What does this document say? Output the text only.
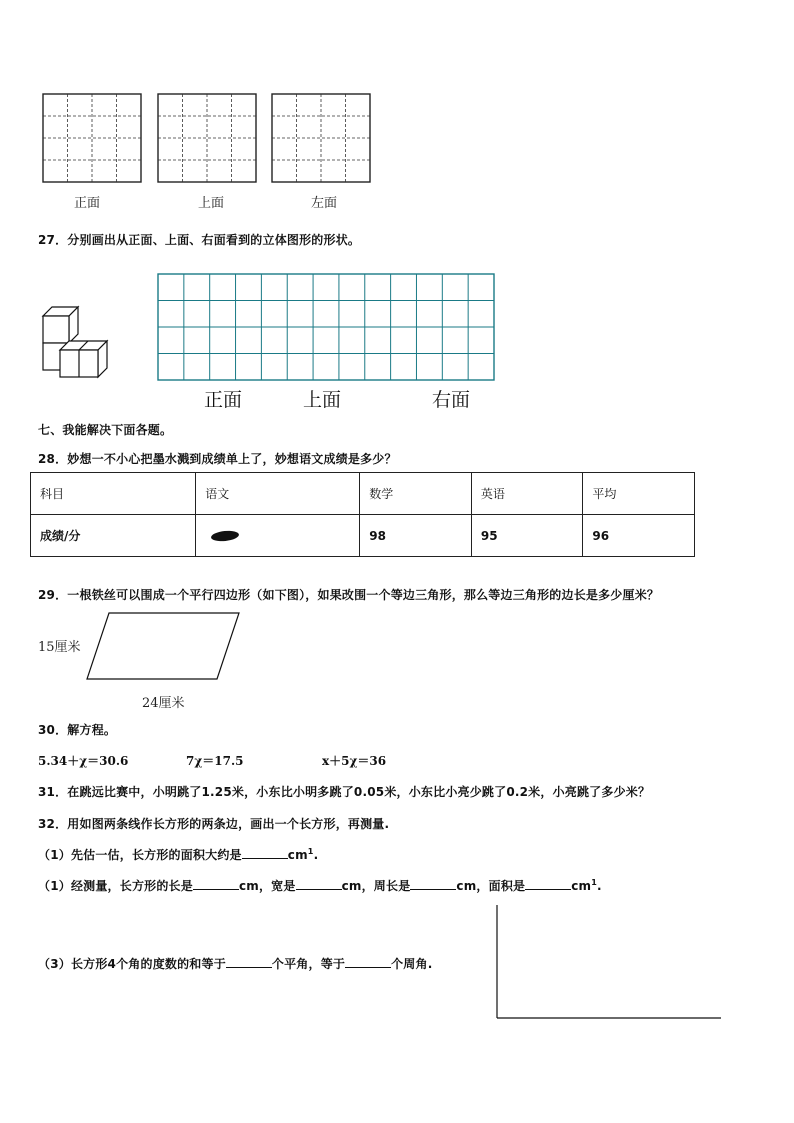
正面	上面	左面
27．分别画出从正面、上面、右面看到的立体图形的形状。
正面	上面	右面
七、我能解决下面各题。
28．妙想一不小心把墨水溅到成绩单上了，妙想语文成绩是多少？
科目	语文	数学	英语	平均
成绩/分		98	95	96
29．一根铁丝可以围成一个平行四边形（如下图），如果改围一个等边三角形，那么等边三角形的边长是多少厘米？
15厘米
24厘米
30．解方程。
5.34＋χ＝30.6	7χ＝17.5	x＋5χ＝36
31．在跳远比赛中，小明跳了1.25米，小东比小明多跳了0.05米，小东比小亮少跳了0.2米，小亮跳了多少米？
32．用如图两条线作长方形的两条边，画出一个长方形，再测量.
（1）先估一估，长方形的面积大约是	$cm^1$.
（1）经测量，长方形的长是	cm，宽是	cm，周长是	cm，面积是	$cm^1$.
（3）长方形4个角的度数的和等于	个平角，等于	个周角.
